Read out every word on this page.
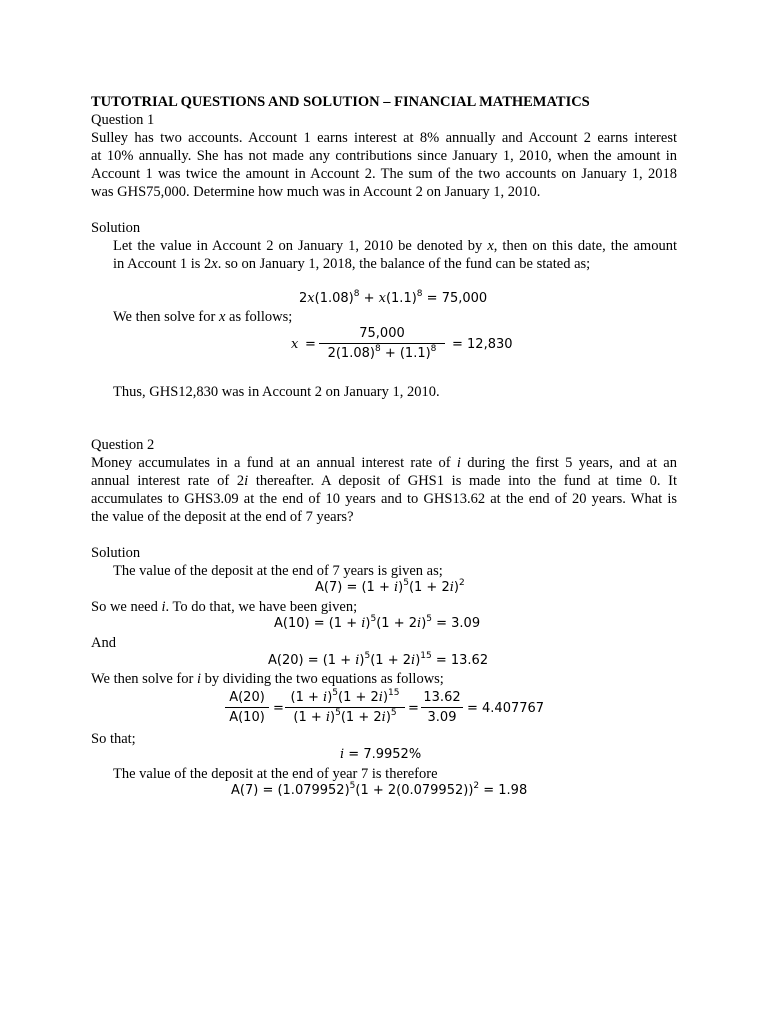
TUTOTRIAL QUESTIONS AND SOLUTION – FINANCIAL MATHEMATICS
Question 1
Sulley has two accounts. Account 1 earns interest at 8% annually and Account 2 earns interest
at 10% annually. She has not made any contributions since January 1, 2010, when the amount in
Account 1 was twice the amount in Account 2. The sum of the two accounts on January 1, 2018
was GHS75,000. Determine how much was in Account 2 on January 1, 2010.
Solution
Let the value in Account 2 on January 1, 2010 be denoted by x, then on this date, the amount
in Account 1 is 2x. so on January 1, 2018, the balance of the fund can be stated as;
$2x(1.08)^8 + x(1.1)^8 = 75,000$
We then solve for x as follows;
$x = \frac{75,000}{2(1.08)^8 + (1.1)^8} = 12,830$
Thus, GHS12,830 was in Account 2 on January 1, 2010.
Question 2
Money accumulates in a fund at an annual interest rate of i during the first 5 years, and at an
annual interest rate of 2i thereafter. A deposit of GHS1 is made into the fund at time 0. It
accumulates to GHS3.09 at the end of 10 years and to GHS13.62 at the end of 20 years. What is
the value of the deposit at the end of 7 years?
Solution
The value of the deposit at the end of 7 years is given as;
$A(7) = (1 + i)^5(1 + 2i)^2$
So we need i. To do that, we have been given;
$A(10) = (1 + i)^5(1 + 2i)^5 = 3.09$
And
$A(20) = (1 + i)^5(1 + 2i)^{15} = 13.62$
We then solve for i by dividing the two equations as follows;
$\frac{A(20)}{A(10)} = \frac{(1 + i)^5(1 + 2i)^{15}}{(1 + i)^5(1 + 2i)^5} = \frac{13.62}{3.09} = 4.407767$
So that;
i = 7.9952%
The value of the deposit at the end of year 7 is therefore
$A(7) = (1.079952)^5(1 + 2(0.079952))^2 = 1.98$
